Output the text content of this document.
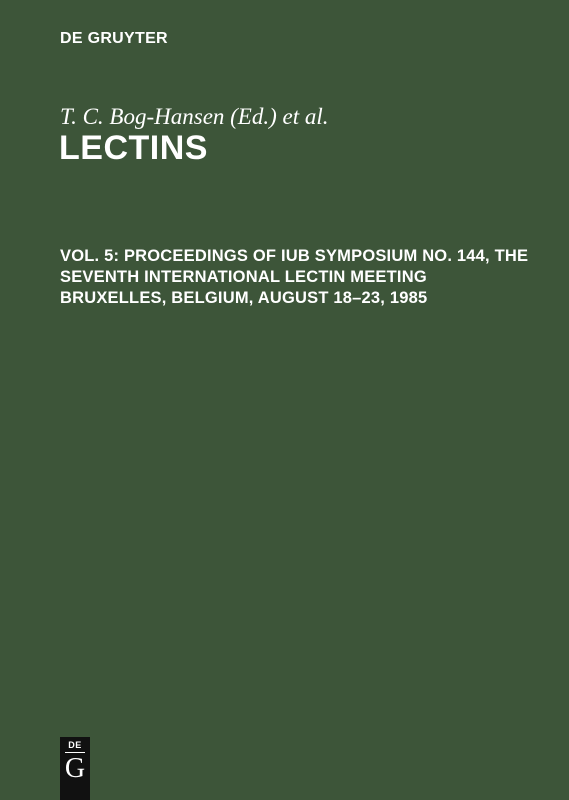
DE GRUYTER
T. C. Bog-Hansen (Ed.) et al.
LECTINS
VOL. 5: PROCEEDINGS OF IUB SYMPOSIUM NO. 144, THE SEVENTH INTERNATIONAL LECTIN MEETING BRUXELLES, BELGIUM, AUGUST 18–23, 1985
DE
G
